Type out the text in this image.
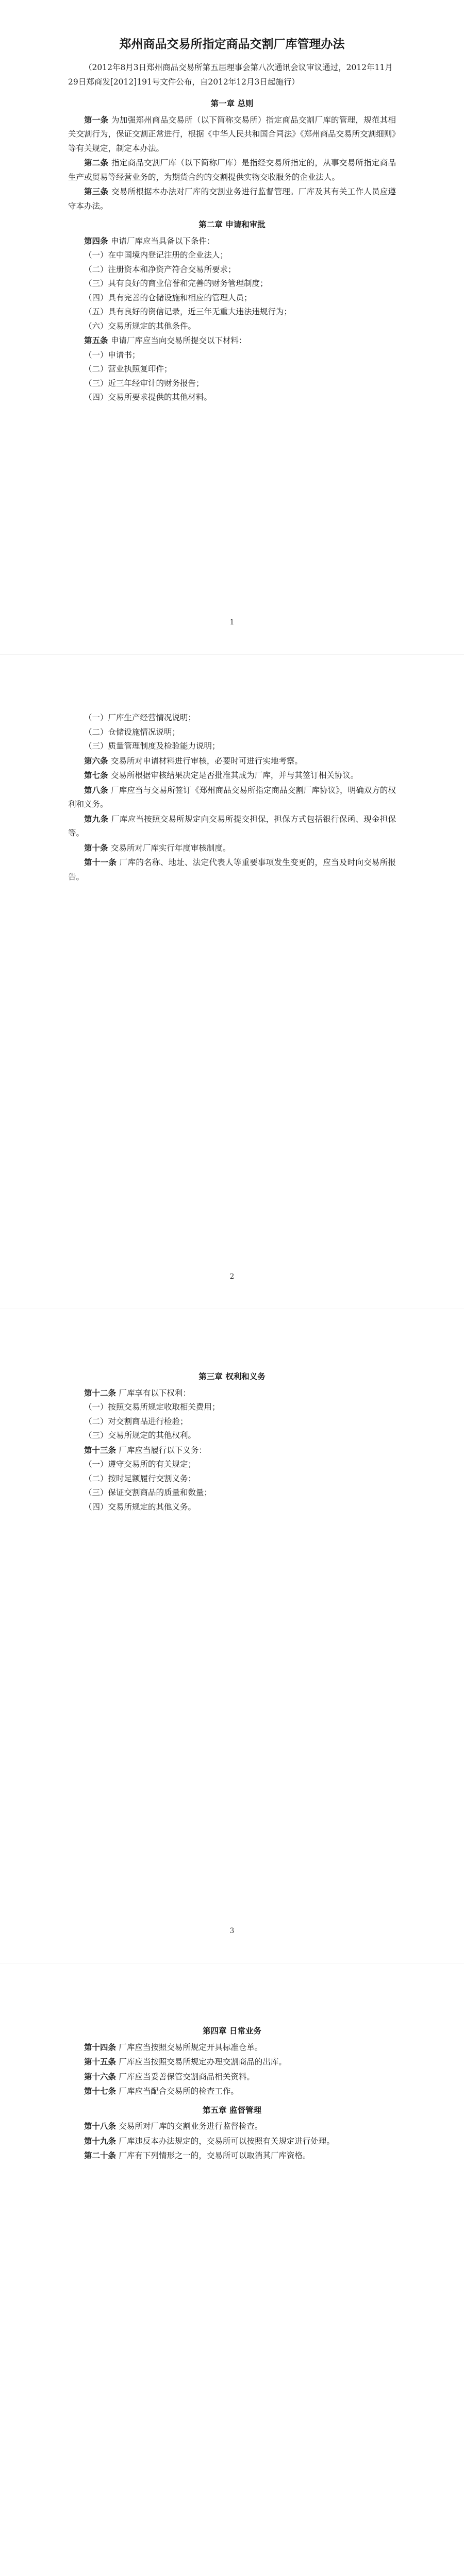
郑州商品交易所指定商品交割厂库管理办法
（2012年8月3日郑州商品交易所第五届理事会第八次通讯会议审议通过，2012年11月29日郑商发[2012]191号文件公布，自2012年12月3日起施行）
第一章 总则

第一条 为加强郑州商品交易所（以下简称交易所）指定商品交割厂库的管理，规范其相关交割行为，保证交割正常进行，根据《中华人民共和国合同法》《郑州商品交易所交割细则》等有关规定，制定本办法。

第二条 指定商品交割厂库（以下简称厂库）是指经交易所指定的，从事交易所指定商品生产或贸易等经营业务的，为期货合约的交割提供实物交收服务的企业法人。

第三条 交易所根据本办法对厂库的交割业务进行监督管理。厂库及其有关工作人员应遵守本办法。

第二章 申请和审批

第四条 申请厂库应当具备以下条件：

（一）在中国境内登记注册的企业法人；

（二）注册资本和净资产符合交易所要求；

（三）具有良好的商业信誉和完善的财务管理制度；

（四）具有完善的仓储设施和相应的管理人员；

（五）具有良好的资信记录，近三年无重大违法违规行为；

（六）交易所规定的其他条件。

第五条 申请厂库应当向交易所提交以下材料：

（一）申请书；

（二）营业执照复印件；

（三）近三年经审计的财务报告；

（四）交易所要求提供的其他材料。

1

（一）厂库生产经营情况说明；

（二）仓储设施情况说明；

（三）质量管理制度及检验能力说明；

第六条 交易所对申请材料进行审核，必要时可进行实地考察。

第七条 交易所根据审核结果决定是否批准其成为厂库，并与其签订相关协议。

第八条 厂库应当与交易所签订《郑州商品交易所指定商品交割厂库协议》，明确双方的权利和义务。

第九条 厂库应当按照交易所规定向交易所提交担保，担保方式包括银行保函、现金担保等。

第十条 交易所对厂库实行年度审核制度。

第十一条 厂库的名称、地址、法定代表人等重要事项发生变更的，应当及时向交易所报告。

2
第三章 权利和义务

第十二条 厂库享有以下权利：

（一）按照交易所规定收取相关费用；

（二）对交割商品进行检验；

（三）交易所规定的其他权利。

第十三条 厂库应当履行以下义务：

（一）遵守交易所的有关规定；

（二）按时足额履行交割义务；

（三）保证交割商品的质量和数量；

（四）交易所规定的其他义务。

3
第四章 日常业务

第十四条 厂库应当按照交易所规定开具标准仓单。

第十五条 厂库应当按照交易所规定办理交割商品的出库。

第十六条 厂库应当妥善保管交割商品相关资料。

第十七条 厂库应当配合交易所的检查工作。

第五章 监督管理

第十八条 交易所对厂库的交割业务进行监督检查。

第十九条 厂库违反本办法规定的，交易所可以按照有关规定进行处理。

第二十条 厂库有下列情形之一的，交易所可以取消其厂库资格。
